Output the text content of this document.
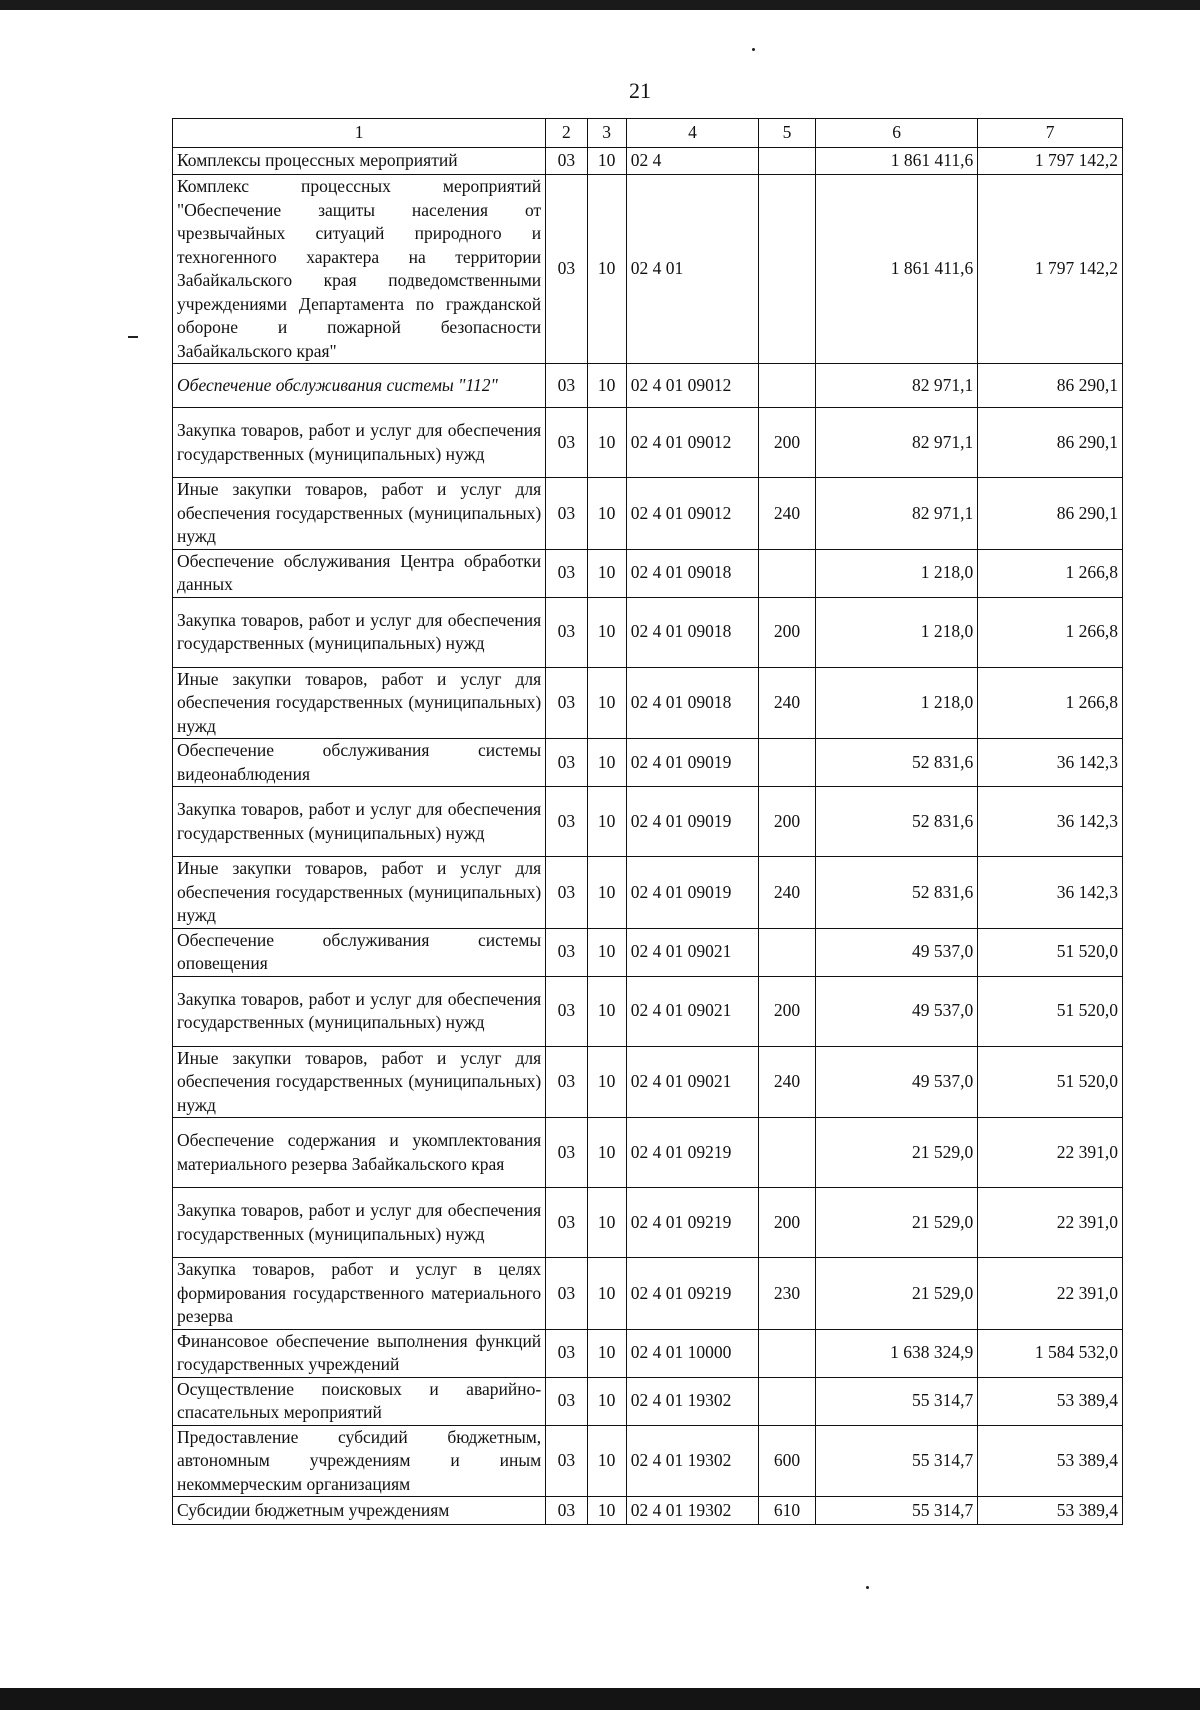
21
1	2	3	4	5	6	7
Комплексы процессных мероприятий	03	10	02 4		1 861 411,6	1 797 142,2
Комплекс процессных мероприятий "Обеспечение защиты населения от чрезвычайных ситуаций природного и техногенного характера на территории Забайкальского края подведомственными учреждениями Департамента по гражданской обороне и пожарной безопасности Забайкальского края"	03	10	02 4 01		1 861 411,6	1 797 142,2
Обеспечение обслуживания системы "112"	03	10	02 4 01 09012		82 971,1	86 290,1
Закупка товаров, работ и услуг для обеспечения государственных (муниципальных) нужд	03	10	02 4 01 09012	200	82 971,1	86 290,1
Иные закупки товаров, работ и услуг для обеспечения государственных (муниципальных) нужд	03	10	02 4 01 09012	240	82 971,1	86 290,1
Обеспечение обслуживания Центра обработки данных	03	10	02 4 01 09018		1 218,0	1 266,8
Закупка товаров, работ и услуг для обеспечения государственных (муниципальных) нужд	03	10	02 4 01 09018	200	1 218,0	1 266,8
Иные закупки товаров, работ и услуг для обеспечения государственных (муниципальных) нужд	03	10	02 4 01 09018	240	1 218,0	1 266,8
Обеспечение обслуживания системы видеонаблюдения	03	10	02 4 01 09019		52 831,6	36 142,3
Закупка товаров, работ и услуг для обеспечения государственных (муниципальных) нужд	03	10	02 4 01 09019	200	52 831,6	36 142,3
Иные закупки товаров, работ и услуг для обеспечения государственных (муниципальных) нужд	03	10	02 4 01 09019	240	52 831,6	36 142,3
Обеспечение обслуживания системы оповещения	03	10	02 4 01 09021		49 537,0	51 520,0
Закупка товаров, работ и услуг для обеспечения государственных (муниципальных) нужд	03	10	02 4 01 09021	200	49 537,0	51 520,0
Иные закупки товаров, работ и услуг для обеспечения государственных (муниципальных) нужд	03	10	02 4 01 09021	240	49 537,0	51 520,0
Обеспечение содержания и укомплектования материального резерва Забайкальского края	03	10	02 4 01 09219		21 529,0	22 391,0
Закупка товаров, работ и услуг для обеспечения государственных (муниципальных) нужд	03	10	02 4 01 09219	200	21 529,0	22 391,0
Закупка товаров, работ и услуг в целях формирования государственного материального резерва	03	10	02 4 01 09219	230	21 529,0	22 391,0
Финансовое обеспечение выполнения функций государственных учреждений	03	10	02 4 01 10000		1 638 324,9	1 584 532,0
Осуществление поисковых и аварийно-спасательных мероприятий	03	10	02 4 01 19302		55 314,7	53 389,4
Предоставление субсидий бюджетным, автономным учреждениям и иным некоммерческим организациям	03	10	02 4 01 19302	600	55 314,7	53 389,4
Субсидии бюджетным учреждениям	03	10	02 4 01 19302	610	55 314,7	53 389,4
